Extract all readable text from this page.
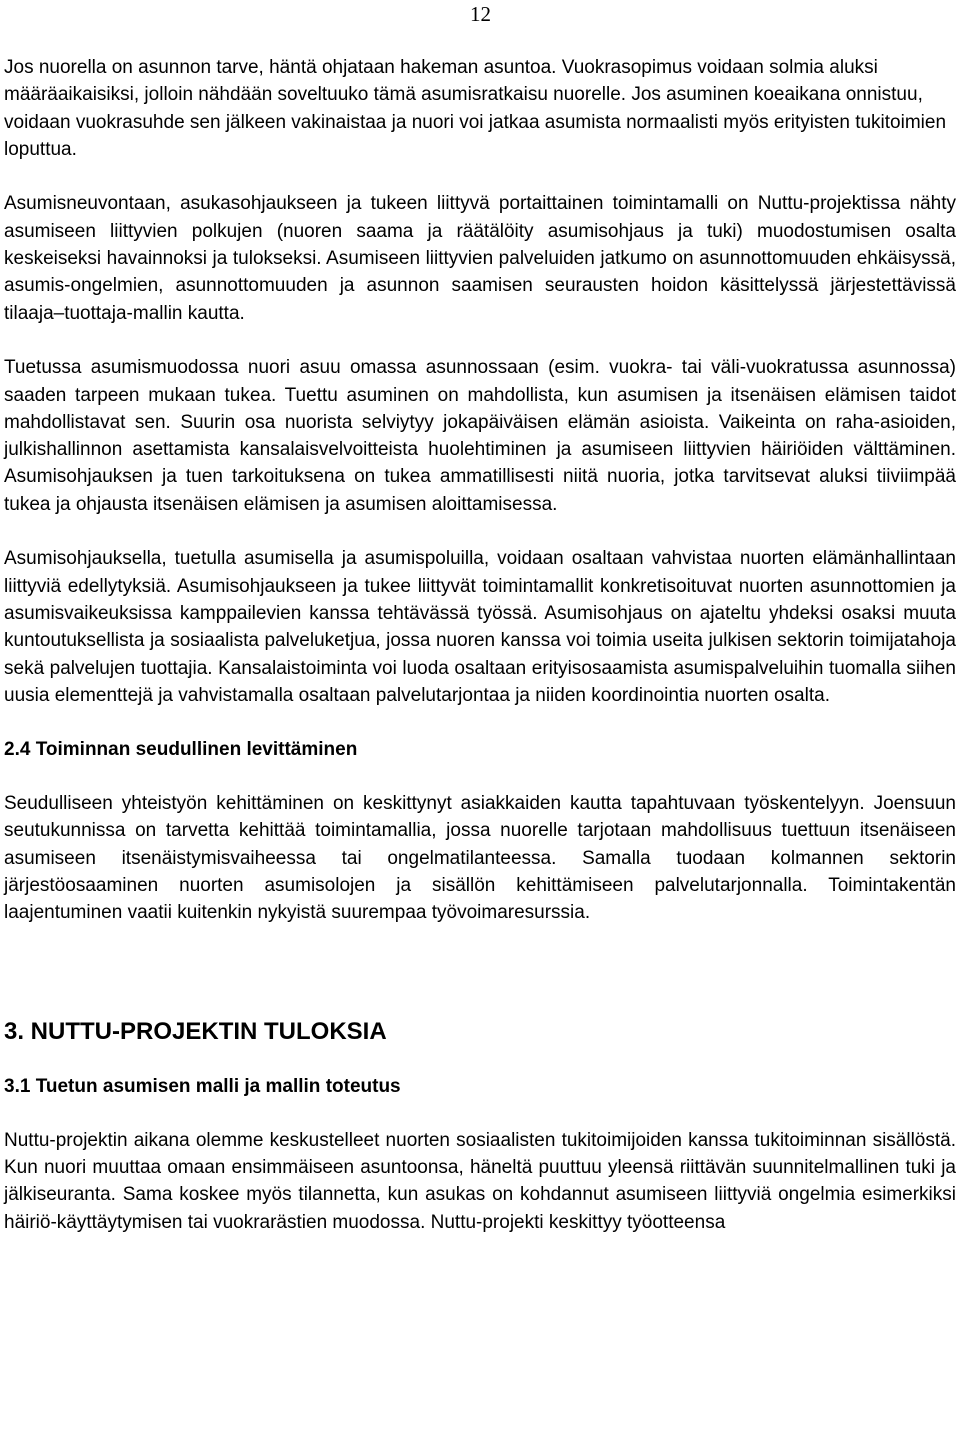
12

Jos nuorella on asunnon tarve, häntä ohjataan hakeman asuntoa. Vuokrasopimus voidaan solmia aluksi määräaikaisiksi, jolloin nähdään soveltuuko tämä asumisratkaisu nuorelle. Jos asuminen koeaikana onnistuu, voidaan vuokrasuhde sen jälkeen vakinaistaa ja nuori voi jatkaa asumista normaalisti myös erityisten tukitoimien loputtua.

Asumisneuvontaan, asukasohjaukseen ja tukeen liittyvä portaittainen toimintamalli on Nuttu-projektissa nähty asumiseen liittyvien polkujen (nuoren saama ja räätälöity asumisohjaus ja tuki) muodostumisen osalta keskeiseksi havainnoksi ja tulokseksi. Asumiseen liittyvien palveluiden jatkumo on asunnottomuuden ehkäisyssä, asumis-ongelmien, asunnottomuuden ja asunnon saamisen seurausten hoidon käsittelyssä järjestettävissä tilaaja–tuottaja-mallin kautta.

Tuetussa asumismuodossa nuori asuu omassa asunnossaan (esim. vuokra- tai väli-vuokratussa asunnossa) saaden tarpeen mukaan tukea. Tuettu asuminen on mahdollista, kun asumisen ja itsenäisen elämisen taidot mahdollistavat sen. Suurin osa nuorista selviytyy jokapäiväisen elämän asioista. Vaikeinta on raha-asioiden, julkishallinnon asettamista kansalaisvelvoitteista huolehtiminen ja asumiseen liittyvien häiriöiden välttäminen. Asumisohjauksen ja tuen tarkoituksena on tukea ammatillisesti niitä nuoria, jotka tarvitsevat aluksi tiiviimpää tukea ja ohjausta itsenäisen elämisen ja asumisen aloittamisessa.

Asumisohjauksella, tuetulla asumisella ja asumispoluilla, voidaan osaltaan vahvistaa nuorten elämänhallintaan liittyviä edellytyksiä. Asumisohjaukseen ja tukee liittyvät toimintamallit konkretisoituvat nuorten asunnottomien ja asumisvaikeuksissa kamppailevien kanssa tehtävässä työssä. Asumisohjaus on ajateltu yhdeksi osaksi muuta kuntoutuksellista ja sosiaalista palveluketjua, jossa nuoren kanssa voi toimia useita julkisen sektorin toimijatahoja sekä palvelujen tuottajia. Kansalaistoiminta voi luoda osaltaan erityisosaamista asumispalveluihin tuomalla siihen uusia elementtejä ja vahvistamalla osaltaan palvelutarjontaa ja niiden koordinointia nuorten osalta.

2.4 Toiminnan seudullinen levittäminen

Seudulliseen yhteistyön kehittäminen on keskittynyt asiakkaiden kautta tapahtuvaan työskentelyyn. Joensuun seutukunnissa on tarvetta kehittää toimintamallia, jossa nuorelle tarjotaan mahdollisuus tuettuun itsenäiseen asumiseen itsenäistymisvaiheessa tai ongelmatilanteessa. Samalla tuodaan kolmannen sektorin järjestöosaaminen nuorten asumisolojen ja sisällön kehittämiseen palvelutarjonnalla. Toimintakentän laajentuminen vaatii kuitenkin nykyistä suurempaa työvoimaresurssia.

3. NUTTU-PROJEKTIN TULOKSIA
3.1 Tuetun asumisen malli ja mallin toteutus

Nuttu-projektin aikana olemme keskustelleet nuorten sosiaalisten tukitoimijoiden kanssa tukitoiminnan sisällöstä. Kun nuori muuttaa omaan ensimmäiseen asuntoonsa, häneltä puuttuu yleensä riittävän suunnitelmallinen tuki ja jälkiseuranta. Sama koskee myös tilannetta, kun asukas on kohdannut asumiseen liittyviä ongelmia esimerkiksi häiriö-käyttäytymisen tai vuokrarästien muodossa. Nuttu-projekti keskittyy työotteensa
